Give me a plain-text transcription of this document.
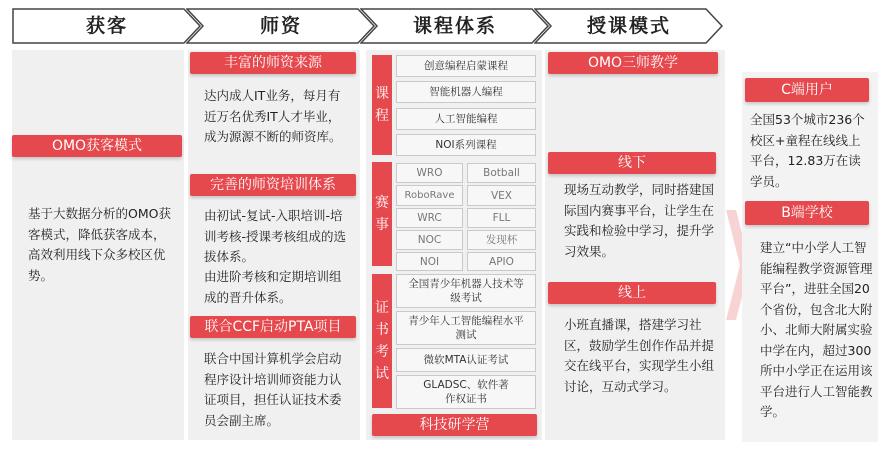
获客	师资	课程体系	授课模式
OMO获客模式
基于大数据分析的OMO获客模式，降低获客成本，高效利用线下众多校区优势。
丰富的师资来源
达内成人IT业务，每月有近万名优秀IT人才毕业，成为源源不断的师资库。
完善的师资培训体系
由初试-复试-入职培训-培训考核-授课考核组成的选拔体系。
由进阶考核和定期培训组成的晋升体系。
联合CCF启动PTA项目
联合中国计算机学会启动程序设计培训师资能力认证项目，担任认证技术委员会副主席。
课
程
创意编程启蒙课程
智能机器人编程
人工智能编程
NOI系列课程
赛
事
WRO	Botball
RoboRave	VEX
WRC	FLL
NOC	发现杯
NOI	APIO
证
书
考
试
全国青少年机器人技术等级考试
青少年人工智能编程水平测试
微软MTA认证考试
GLADSC、软件著作权证书
科技研学营
OMO三师教学
线下
现场互动教学，同时搭建国际国内赛事平台，让学生在实践和检验中学习，提升学习效果。
线上
小班直播课，搭建学习社区，鼓励学生创作作品并提交在线平台，实现学生小组讨论，互动式学习。
C端用户
全国53个城市236个校区+童程在线线上平台，12.83万在读学员。
B端学校
建立“中小学人工智能编程教学资源管理平台”，进驻全国20个省份，包含北大附小、北师大附属实验中学在内，超过300所中小学正在运用该平台进行人工智能教学。
